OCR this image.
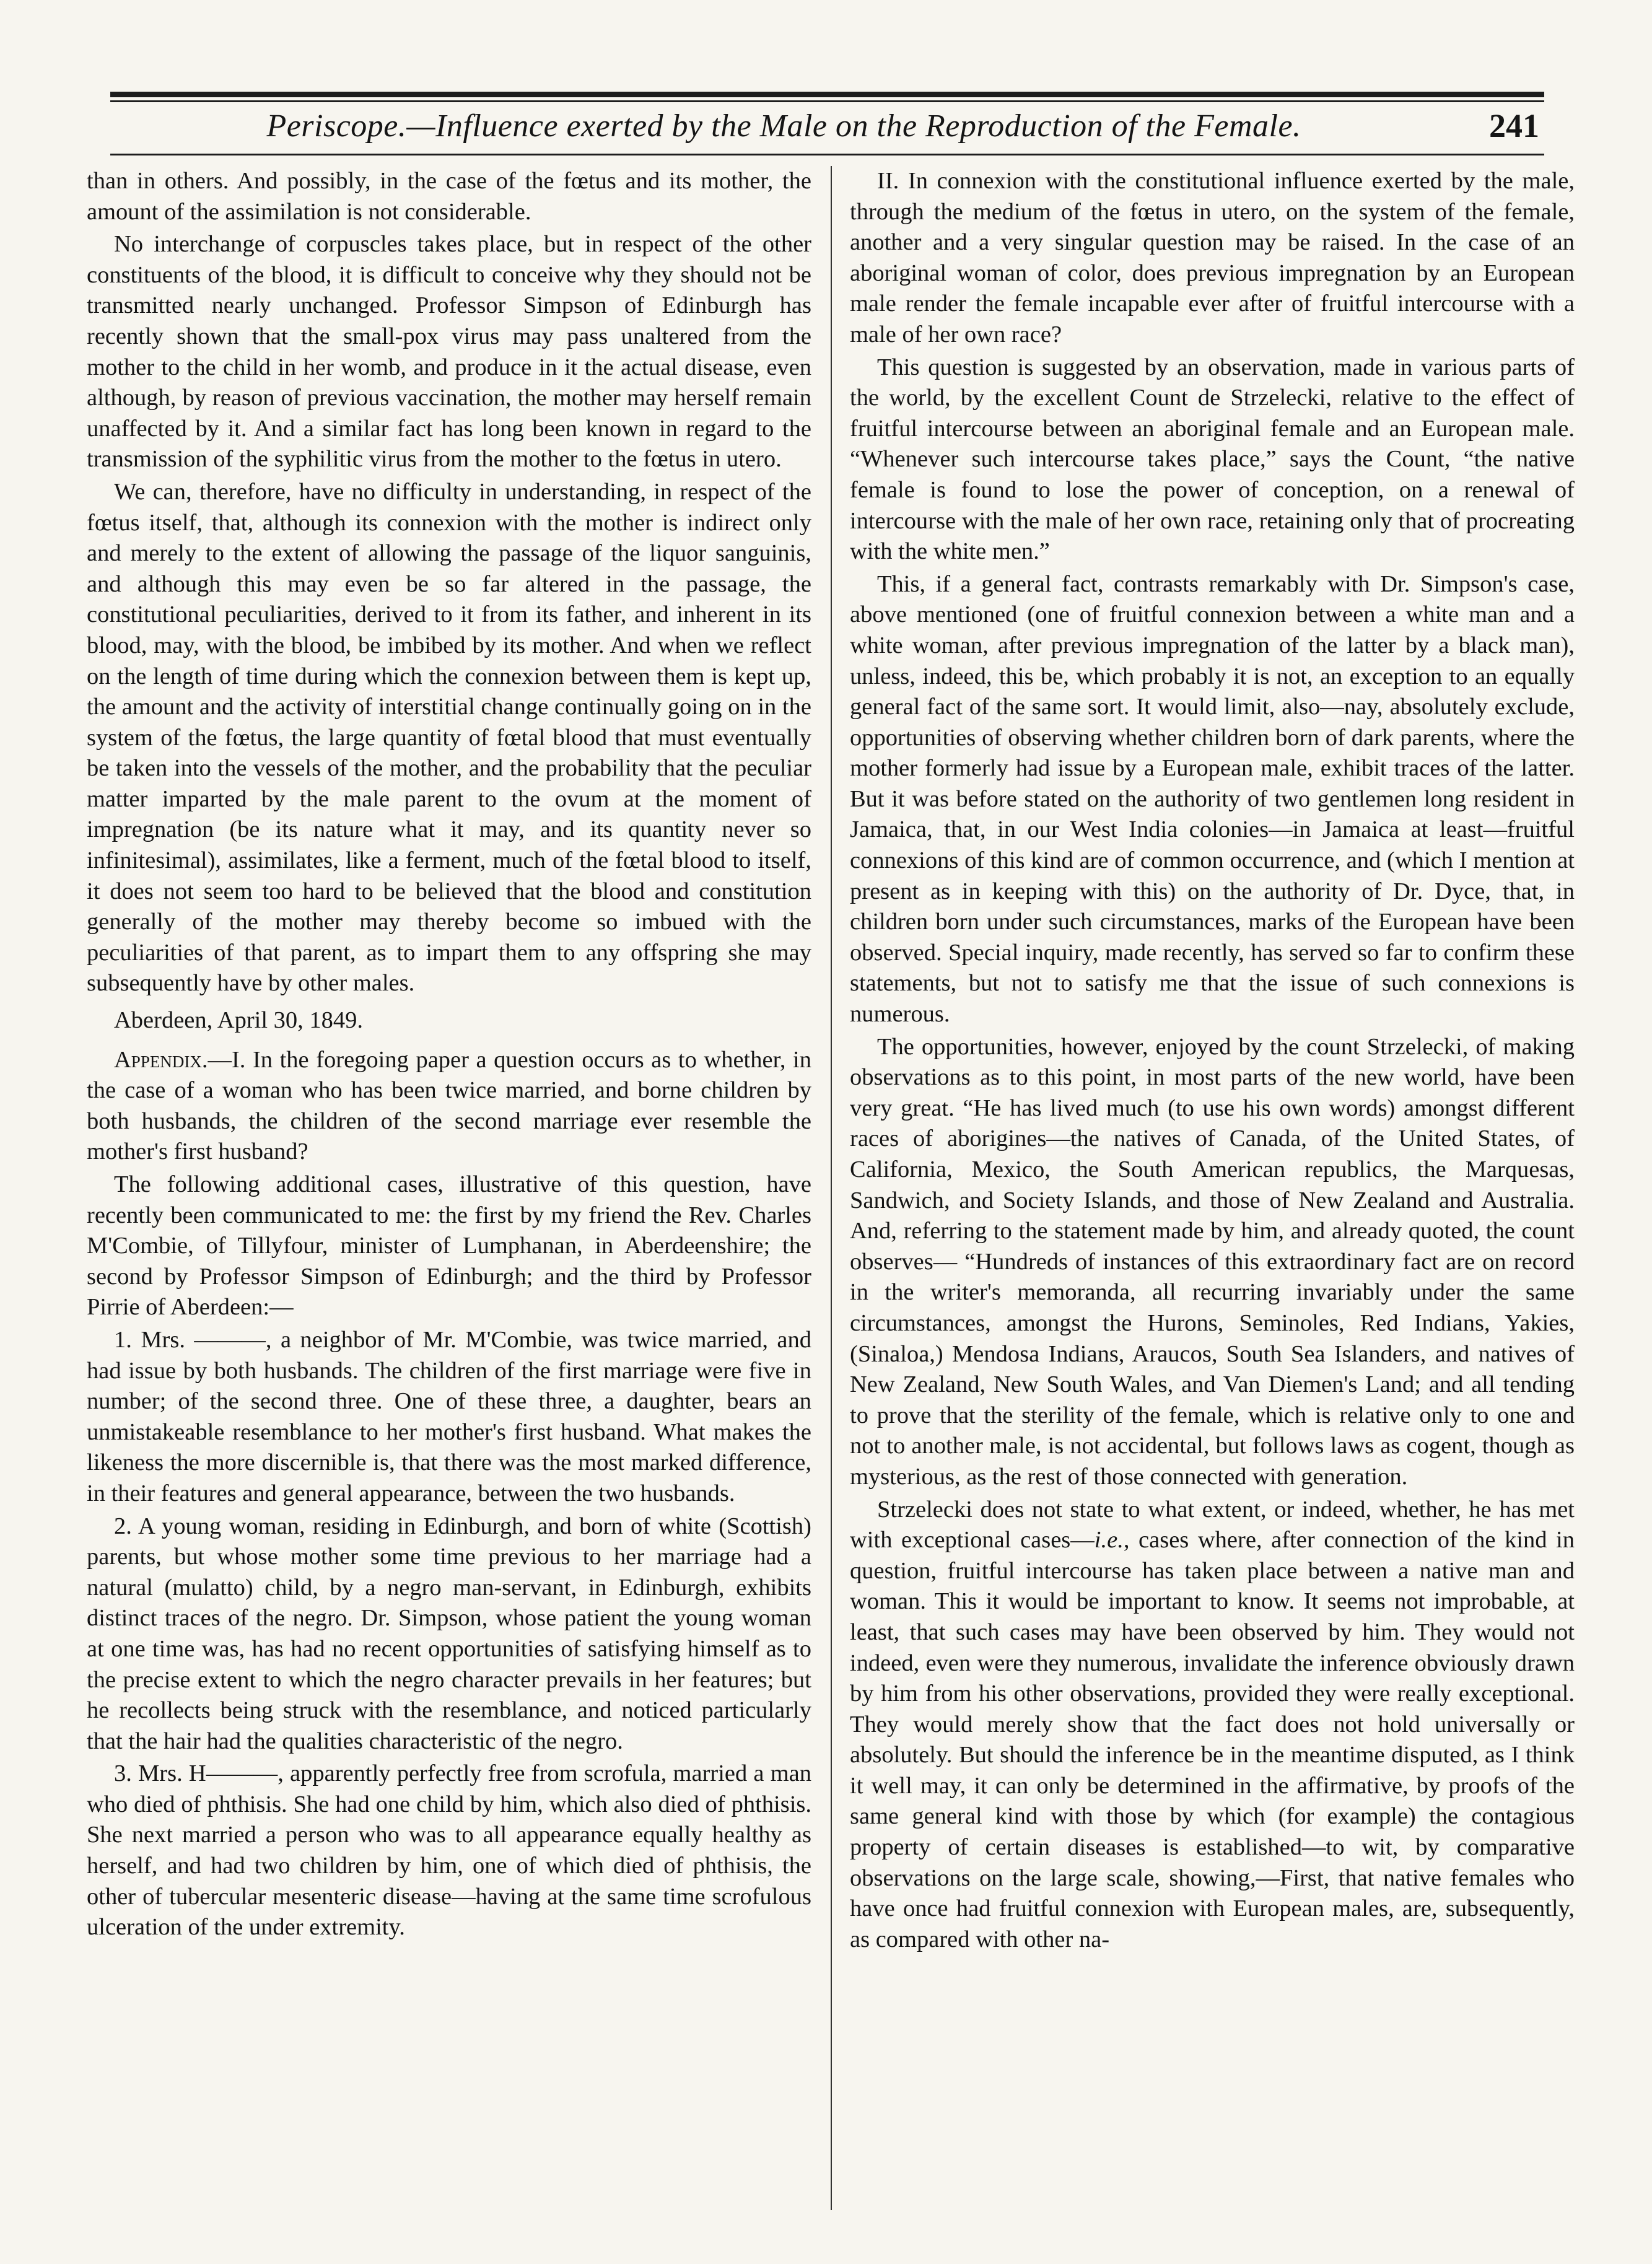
Periscope.—Influence exerted by the Male on the Reproduction of the Female.	241

than in others. And possibly, in the case of the fœtus and its mother, the amount of the assimilation is not considerable.

No interchange of corpuscles takes place, but in respect of the other constituents of the blood, it is difficult to conceive why they should not be transmitted nearly unchanged. Professor Simpson of Edinburgh has recently shown that the small-pox virus may pass unaltered from the mother to the child in her womb, and produce in it the actual disease, even although, by reason of previous vaccination, the mother may herself remain unaffected by it. And a similar fact has long been known in regard to the transmission of the syphilitic virus from the mother to the fœtus in utero.

We can, therefore, have no difficulty in understanding, in respect of the fœtus itself, that, although its connexion with the mother is indirect only and merely to the extent of allowing the passage of the liquor sanguinis, and although this may even be so far altered in the passage, the constitutional peculiarities, derived to it from its father, and inherent in its blood, may, with the blood, be imbibed by its mother. And when we reflect on the length of time during which the connexion between them is kept up, the amount and the activity of interstitial change continually going on in the system of the fœtus, the large quantity of fœtal blood that must eventually be taken into the vessels of the mother, and the probability that the peculiar matter imparted by the male parent to the ovum at the moment of impregnation (be its nature what it may, and its quantity never so infinitesimal), assimilates, like a ferment, much of the fœtal blood to itself, it does not seem too hard to be believed that the blood and constitution generally of the mother may thereby become so imbued with the peculiarities of that parent, as to impart them to any offspring she may subsequently have by other males.

Aberdeen, April 30, 1849.

Appendix.—I. In the foregoing paper a question occurs as to whether, in the case of a woman who has been twice married, and borne children by both husbands, the children of the second marriage ever resemble the mother's first husband?

The following additional cases, illustrative of this question, have recently been communicated to me: the first by my friend the Rev. Charles M'Combie, of Tillyfour, minister of Lumphanan, in Aberdeenshire; the second by Professor Simpson of Edinburgh; and the third by Professor Pirrie of Aberdeen:—

1. Mrs. ———, a neighbor of Mr. M'Combie, was twice married, and had issue by both husbands. The children of the first marriage were five in number; of the second three. One of these three, a daughter, bears an unmistakeable resemblance to her mother's first husband. What makes the likeness the more discernible is, that there was the most marked difference, in their features and general appearance, between the two husbands.

2. A young woman, residing in Edinburgh, and born of white (Scottish) parents, but whose mother some time previous to her marriage had a natural (mulatto) child, by a negro man-servant, in Edinburgh, exhibits distinct traces of the negro. Dr. Simpson, whose patient the young woman at one time was, has had no recent opportunities of satisfying himself as to the precise extent to which the negro character prevails in her features; but he recollects being struck with the resemblance, and noticed particularly that the hair had the qualities characteristic of the negro.

3. Mrs. H———, apparently perfectly free from scrofula, married a man who died of phthisis. She had one child by him, which also died of phthisis. She next married a person who was to all appearance equally healthy as herself, and had two children by him, one of which died of phthisis, the other of tubercular mesenteric disease—having at the same time scrofulous ulceration of the under extremity.

II. In connexion with the constitutional influence exerted by the male, through the medium of the fœtus in utero, on the system of the female, another and a very singular question may be raised. In the case of an aboriginal woman of color, does previous impregnation by an European male render the female incapable ever after of fruitful intercourse with a male of her own race?

This question is suggested by an observation, made in various parts of the world, by the excellent Count de Strzelecki, relative to the effect of fruitful intercourse between an aboriginal female and an European male. “Whenever such intercourse takes place,” says the Count, “the native female is found to lose the power of conception, on a renewal of intercourse with the male of her own race, retaining only that of procreating with the white men.”

This, if a general fact, contrasts remarkably with Dr. Simpson's case, above mentioned (one of fruitful connexion between a white man and a white woman, after previous impregnation of the latter by a black man), unless, indeed, this be, which probably it is not, an exception to an equally general fact of the same sort. It would limit, also—nay, absolutely exclude, opportunities of observing whether children born of dark parents, where the mother formerly had issue by a European male, exhibit traces of the latter. But it was before stated on the authority of two gentlemen long resident in Jamaica, that, in our West India colonies—in Jamaica at least—fruitful connexions of this kind are of common occurrence, and (which I mention at present as in keeping with this) on the authority of Dr. Dyce, that, in children born under such circumstances, marks of the European have been observed. Special inquiry, made recently, has served so far to confirm these statements, but not to satisfy me that the issue of such connexions is numerous.

The opportunities, however, enjoyed by the count Strzelecki, of making observations as to this point, in most parts of the new world, have been very great. “He has lived much (to use his own words) amongst different races of aborigines—the natives of Canada, of the United States, of California, Mexico, the South American republics, the Marquesas, Sandwich, and Society Islands, and those of New Zealand and Australia. And, referring to the statement made by him, and already quoted, the count observes— “Hundreds of instances of this extraordinary fact are on record in the writer's memoranda, all recurring invariably under the same circumstances, amongst the Hurons, Seminoles, Red Indians, Yakies, (Sinaloa,) Mendosa Indians, Araucos, South Sea Islanders, and natives of New Zealand, New South Wales, and Van Diemen's Land; and all tending to prove that the sterility of the female, which is relative only to one and not to another male, is not accidental, but follows laws as cogent, though as mysterious, as the rest of those connected with generation.

Strzelecki does not state to what extent, or indeed, whether, he has met with exceptional cases—i.e., cases where, after connection of the kind in question, fruitful intercourse has taken place between a native man and woman. This it would be important to know. It seems not improbable, at least, that such cases may have been observed by him. They would not indeed, even were they numerous, invalidate the inference obviously drawn by him from his other observations, provided they were really exceptional. They would merely show that the fact does not hold universally or absolutely. But should the inference be in the meantime disputed, as I think it well may, it can only be determined in the affirmative, by proofs of the same general kind with those by which (for example) the contagious property of certain diseases is established—to wit, by comparative observations on the large scale, showing,—First, that native females who have once had fruitful connexion with European males, are, subsequently, as compared with other na-
